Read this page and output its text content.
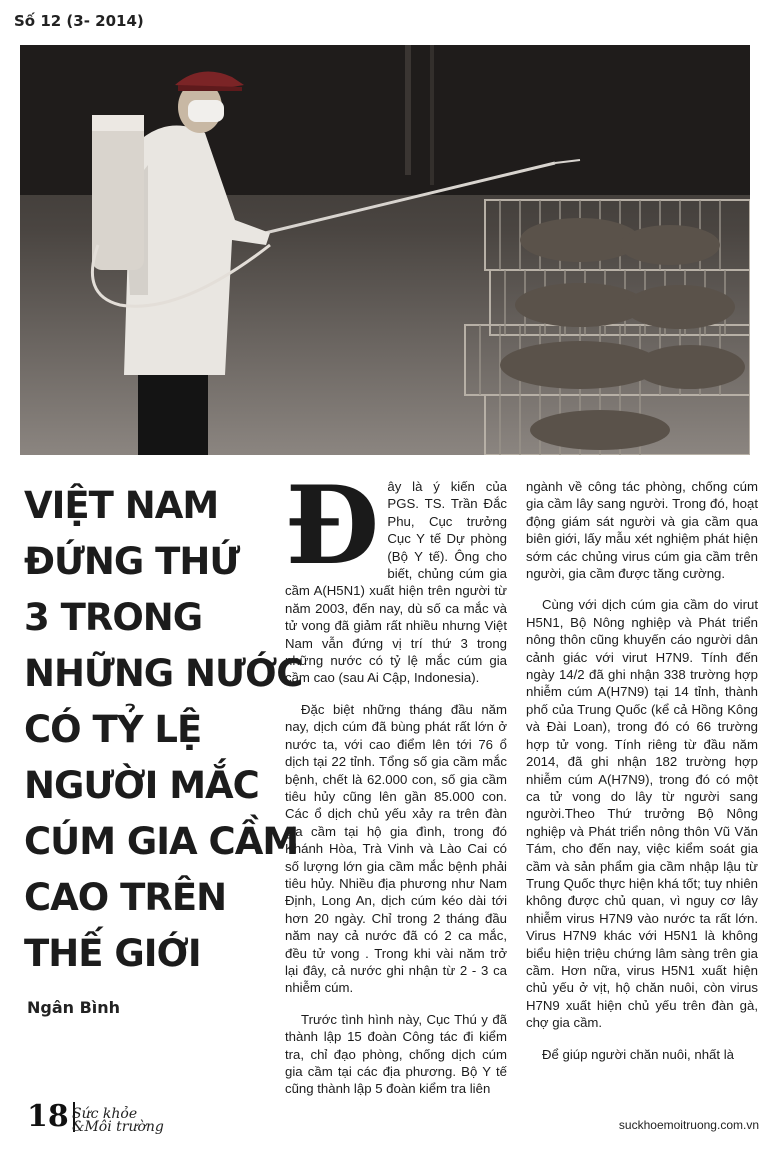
Số 12 (3- 2014)
VIỆT NAM
ĐỨNG THỨ
3 TRONG
NHỮNG NƯỚC
CÓ TỶ LỆ
NGƯỜI MẮC
CÚM GIA CẦM
CAO TRÊN
THẾ GIỚI
Ngân Bình

Đây là ý kiến của PGS. TS. Trần Đắc Phu, Cục trưởng Cục Y tế Dự phòng (Bộ Y tế). Ông cho biết, chủng cúm gia cầm A(H5N1) xuất hiện trên người từ năm 2003, đến nay, dù số ca mắc và tử vong đã giảm rất nhiều nhưng Việt Nam vẫn đứng vị trí thứ 3 trong những nước có tỷ lệ mắc cúm gia cầm cao (sau Ai Cập, Indonesia).

Đặc biệt những tháng đầu năm nay, dịch cúm đã bùng phát rất lớn ở nước ta, với cao điểm lên tới 76 ổ dịch tại 22 tỉnh. Tổng số gia cầm mắc bệnh, chết là 62.000 con, số gia cầm tiêu hủy cũng lên gần 85.000 con. Các ổ dịch chủ yếu xảy ra trên đàn gia cầm tại hộ gia đình, trong đó Khánh Hòa, Trà Vinh và Lào Cai có số lượng lớn gia cầm mắc bệnh phải tiêu hủy. Nhiều địa phương như Nam Định, Long An, dịch cúm kéo dài tới hơn 20 ngày. Chỉ trong 2 tháng đầu năm nay cả nước đã có 2 ca mắc, đều tử vong . Trong khi vài năm trở lại đây, cả nước ghi nhận từ 2 - 3 ca nhiễm cúm.

Trước tình hình này, Cục Thú y đã thành lập 15 đoàn Công tác đi kiểm tra, chỉ đạo phòng, chống dịch cúm gia cầm tại các địa phương. Bộ Y tế cũng thành lập 5 đoàn kiểm tra liên

ngành về công tác phòng, chống cúm gia cầm lây sang người. Trong đó, hoạt động giám sát người và gia cầm qua biên giới, lấy mẫu xét nghiệm phát hiện sớm các chủng virus cúm gia cầm trên người, gia cầm được tăng cường.

Cùng với dịch cúm gia cầm do virut H5N1, Bộ Nông nghiệp và Phát triển nông thôn cũng khuyến cáo người dân cảnh giác với virut H7N9. Tính đến ngày 14/2 đã ghi nhận 338 trường hợp nhiễm cúm A(H7N9) tại 14 tỉnh, thành phố của Trung Quốc (kể cả Hồng Kông và Đài Loan), trong đó có 66 trường hợp tử vong. Tính riêng từ đầu năm 2014, đã ghi nhận 182 trường hợp nhiễm cúm A(H7N9), trong đó có một ca tử vong do lây từ người sang người.Theo Thứ trưởng Bộ Nông nghiệp và Phát triển nông thôn Vũ Văn Tám, cho đến nay, việc kiểm soát gia cầm và sản phẩm gia cầm nhập lậu từ Trung Quốc thực hiện khá tốt; tuy nhiên không được chủ quan, vì nguy cơ lây nhiễm virus H7N9 vào nước ta rất lớn. Virus H7N9 khác với H5N1 là không biểu hiện triệu chứng lâm sàng trên gia cầm. Hơn nữa, virus H5N1 xuất hiện chủ yếu ở vịt, hộ chăn nuôi, còn virus H7N9 xuất hiện chủ yếu trên đàn gà, chợ gia cầm.

Để giúp người chăn nuôi, nhất là

18 Sức khỏe
&Môi trường	suckhoemoitruong.com.vn
